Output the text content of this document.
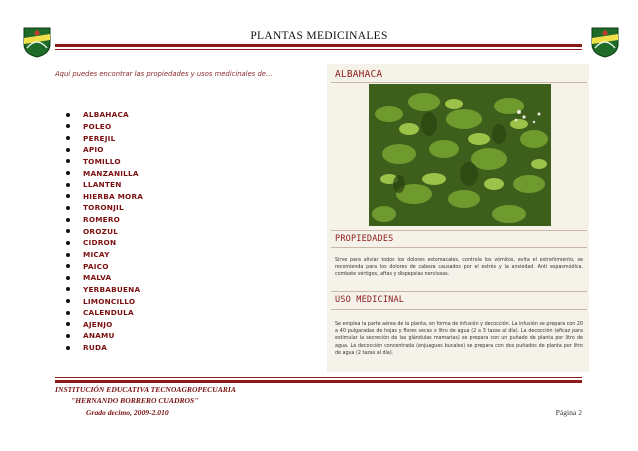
PLANTAS MEDICINALES
Aquí puedes encontrar las propiedades y usos medicinales de…
ALBAHACA
POLEO
PEREJIL
APIO
TOMILLO
MANZANILLA
LLANTEN
HIERBA MORA
TORONJIL
ROMERO
OROZUL
CIDRON
MICAY
PAICO
MALVA
YERBABUENA
LIMONCILLO
CALENDULA
AJENJO
ANAMU
RUDA
ALBAHACA
PROPIEDADES
Sirve para aliviar todos los dolores estomacales, controla los vómitos, evita el estreñimiento, se recomienda para los dolores de cabeza causados por el estrés y la ansiedad. Anti espasmódica, combate vértigos, aftas y dispepsias nerviosas.
USO MEDICINAL
Se emplea la parte aérea de la planta, en forma de infusión y decocción. La infusión se prepara con 20 a 40 pulgaradas de hojas y flores secas x litro de agua (2 a 3 tazas al día). La decocción (eficaz para estimular la secreción de las glándulas mamarias) se prepara con un puñado de planta por litro de agua. La decocción concentrada (enjuagues bucales) se prepara con dos puñados de planta por litro de agua (2 tazas al día).
INSTITUCIÓN EDUCATIVA TECNOAGROPECUARIA
"HERNANDO BORRERO CUADROS"
Grado decimo, 2009-2.010	Página 2
